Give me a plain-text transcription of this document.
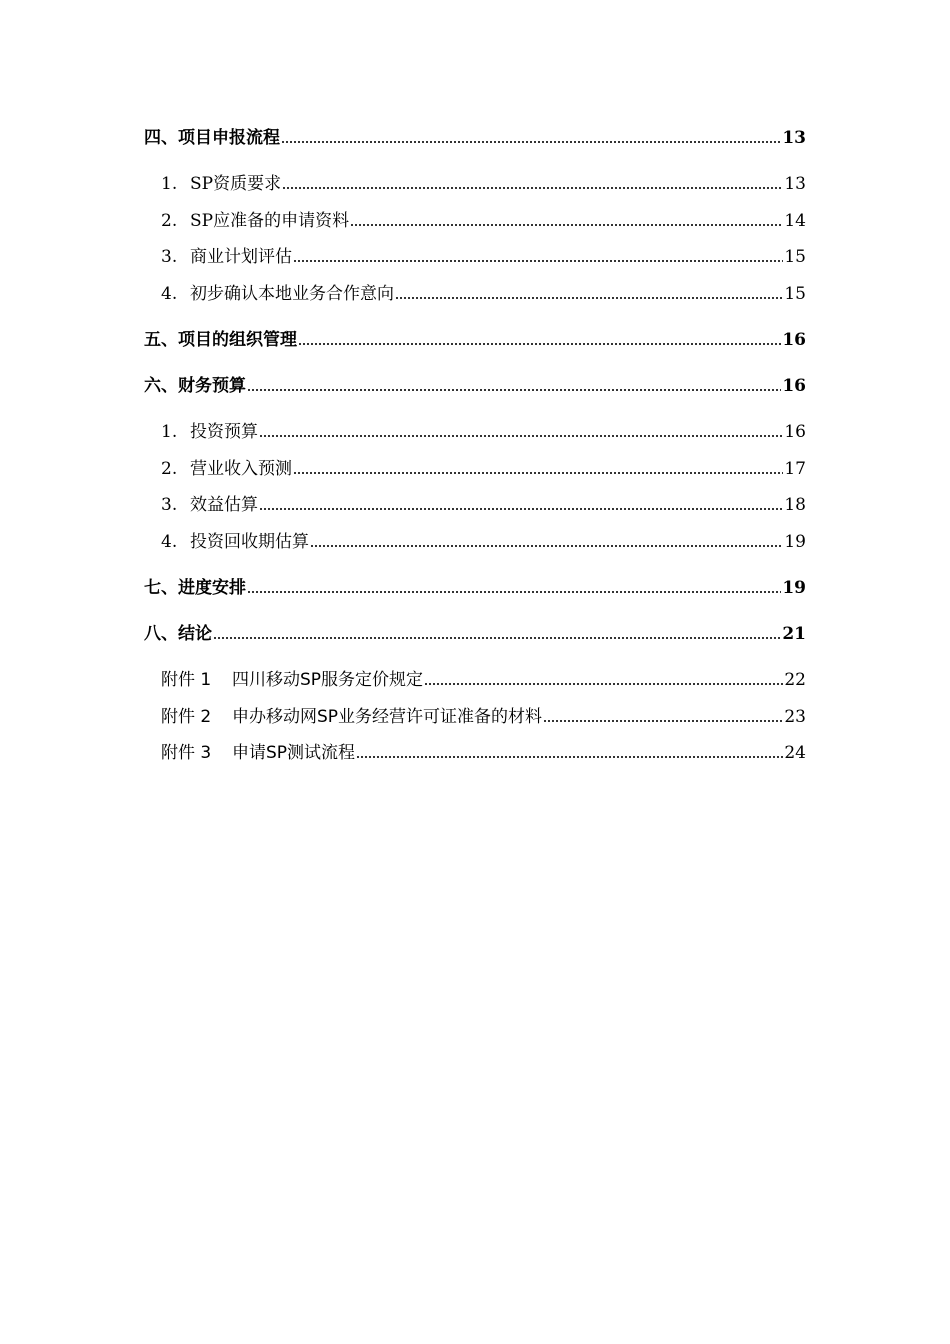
四、项目申报流程	13
1. SP资质要求	13
2. SP应准备的申请资料	14
3. 商业计划评估	15
4. 初步确认本地业务合作意向	15
五、项目的组织管理	16
六、财务预算	16
1. 投资预算	16
2. 营业收入预测	17
3. 效益估算	18
4. 投资回收期估算	19
七、进度安排	19
八、结论	21
附件 1	四川移动SP服务定价规定	22
附件 2	申办移动网SP业务经营许可证准备的材料	23
附件 3	申请SP测试流程	24
